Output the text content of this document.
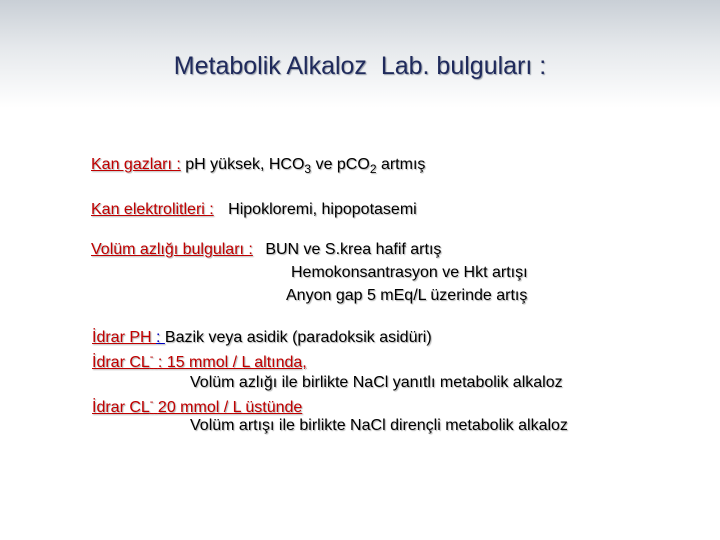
Metabolik Alkaloz  Lab. bulguları :
Kan gazları : pH yüksek, $HCO_3$ ve pCO$_2$ artmış
Kan elektrolitleri : Hipokloremi, hipopotasemi
Volüm azlığı bulguları : BUN ve S.krea hafif artış
Hemokonsantrasyon ve Hkt artışı
Anyon gap 5 mEq/L üzerinde artış
İdrar PH : Bazik veya asidik (paradoksik asidüri)
İdrar CL- : 15 mmol / L altında,
Volüm azlığı ile birlikte NaCl yanıtlı metabolik alkaloz
İdrar CL- 20 mmol / L üstünde
Volüm artışı ile birlikte NaCl dirençli metabolik alkaloz
